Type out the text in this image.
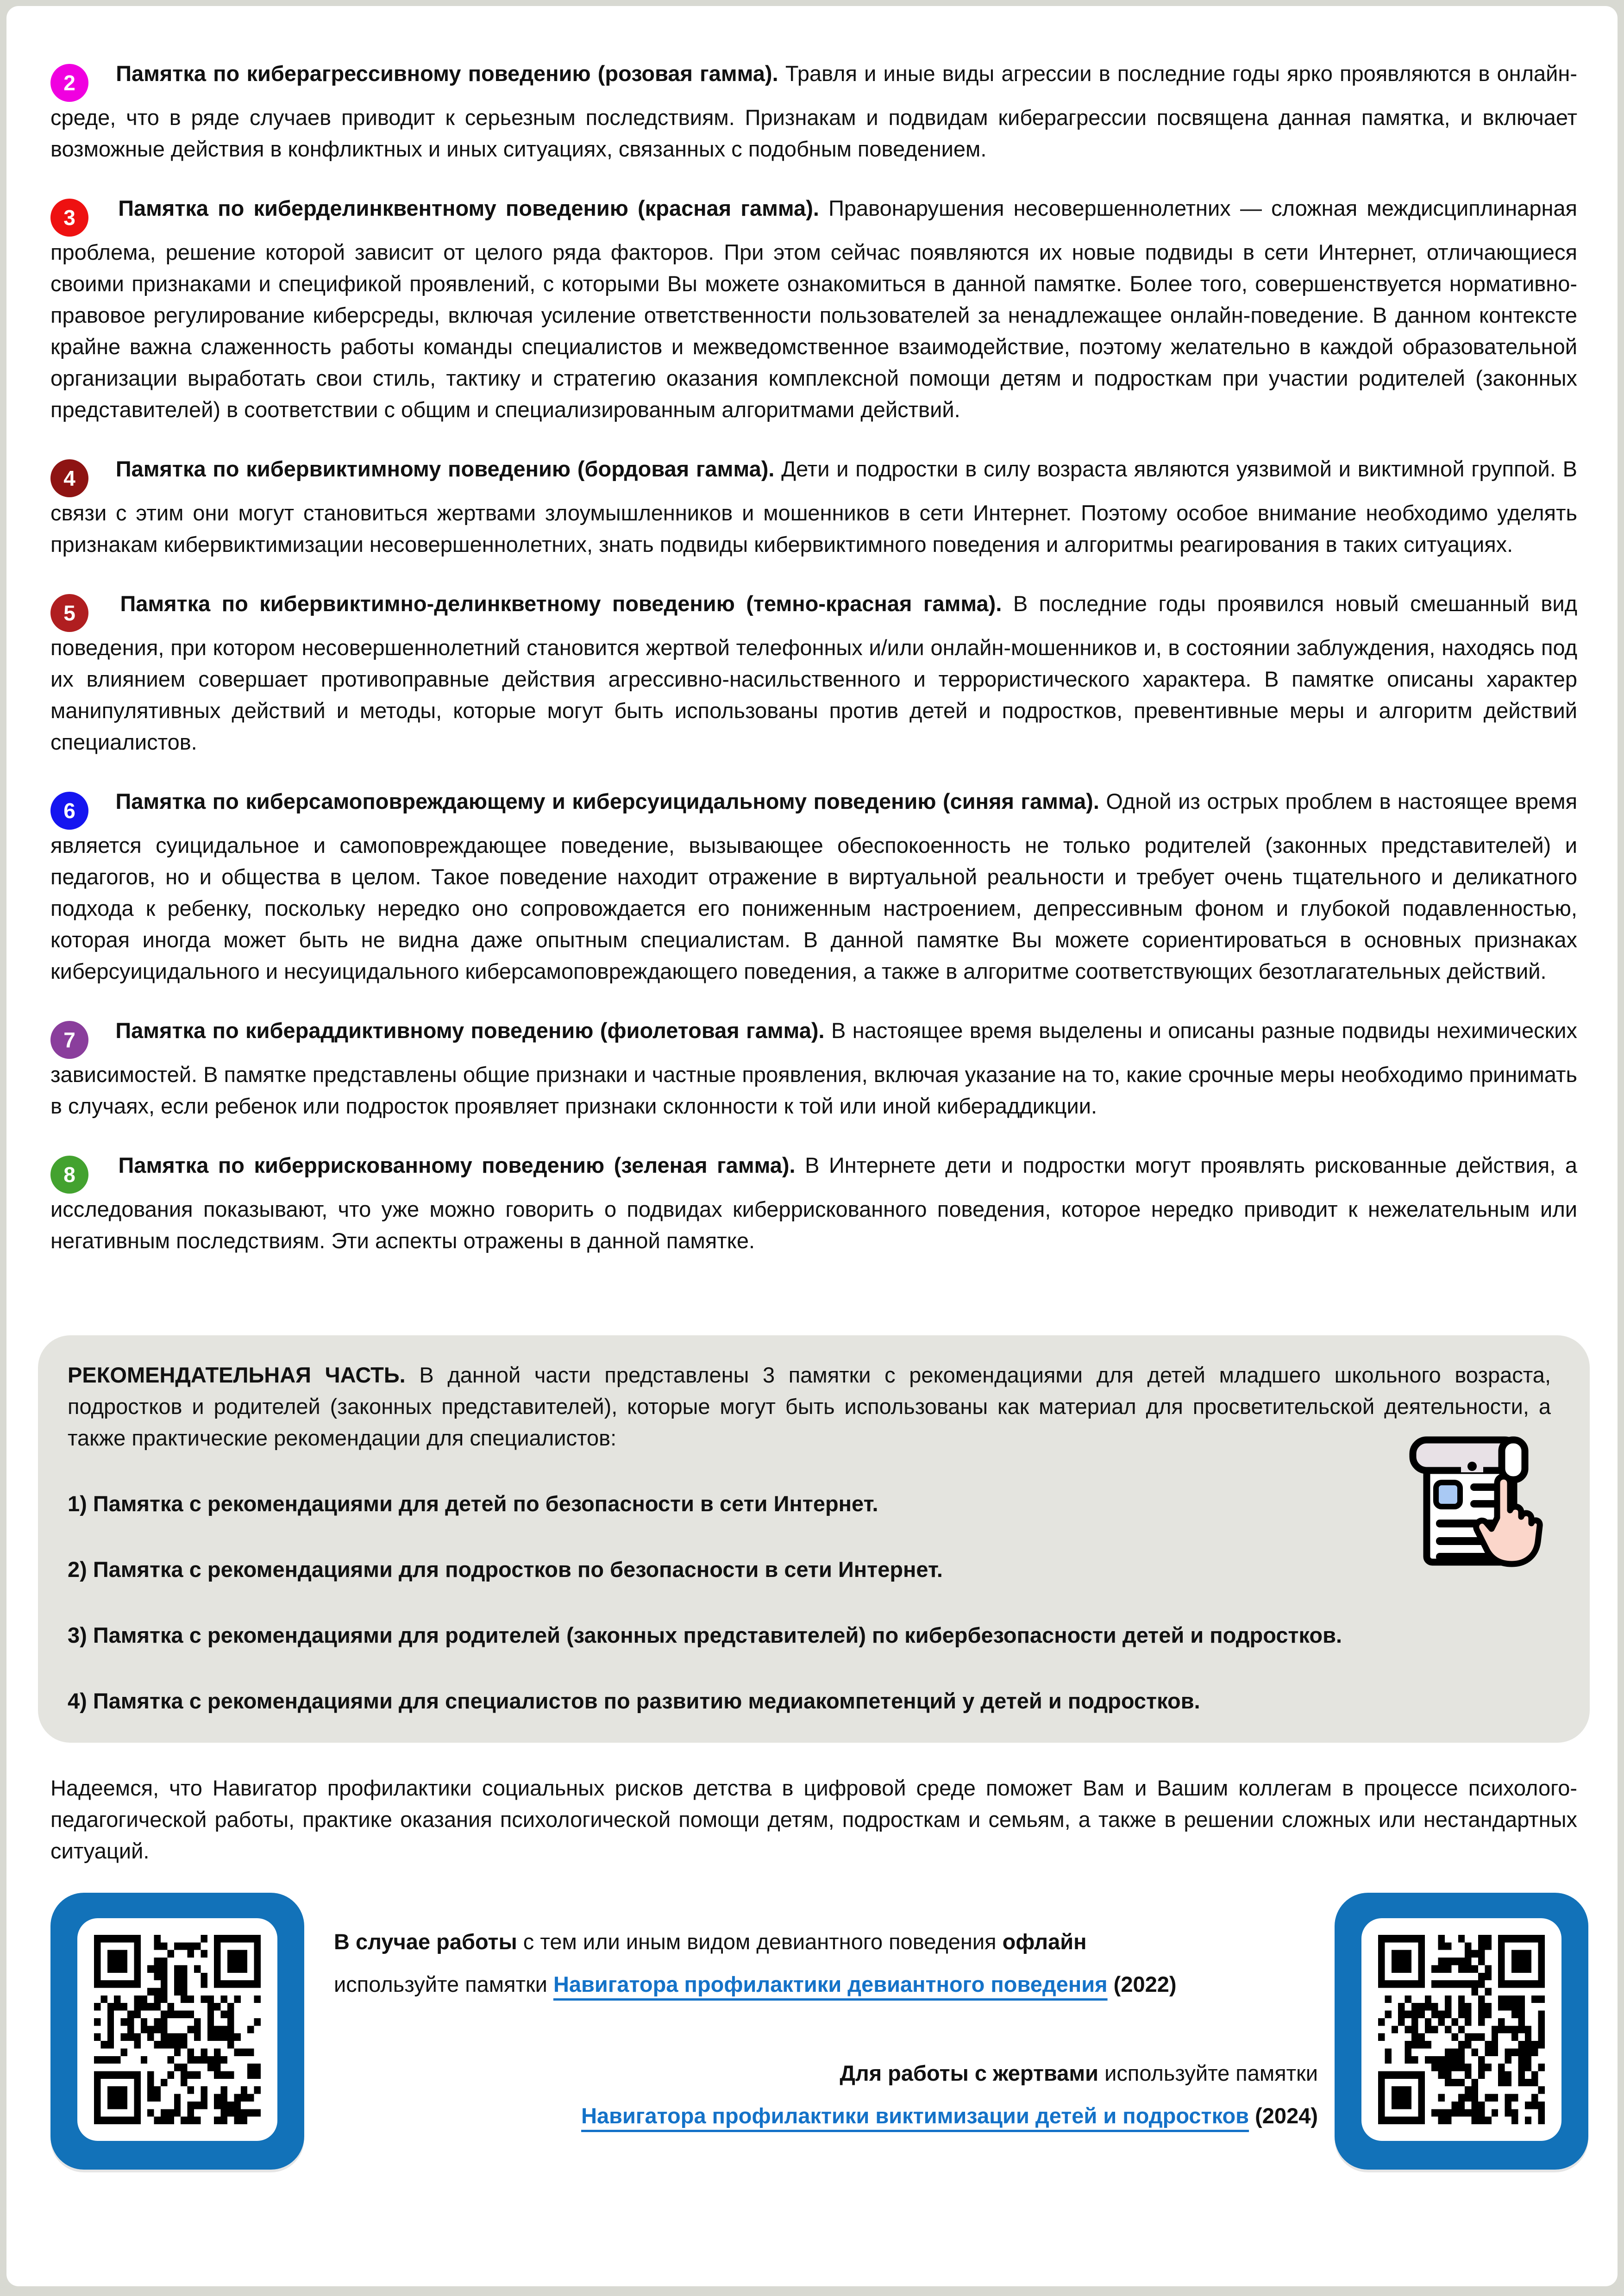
2 Памятка по киберагрессивному поведению (розовая гамма). Травля и иные виды агрессии в последние годы ярко проявляются в онлайн-среде, что в ряде случаев приводит к серьезным последствиям. Признакам и подвидам киберагрессии посвящена данная памятка, и включает возможные действия в конфликтных и иных ситуациях, связанных с подобным поведением.

3 Памятка по киберделинквентному поведению (красная гамма). Правонарушения несовершеннолетних — сложная междисциплинарная проблема, решение которой зависит от целого ряда факторов. При этом сейчас появляются их новые подвиды в сети Интернет, отличающиеся своими признаками и спецификой проявлений, с которыми Вы можете ознакомиться в данной памятке. Более того, совершенствуется нормативно-правовое регулирование киберсреды, включая усиление ответственности пользователей за ненадлежащее онлайн-поведение. В данном контексте крайне важна слаженность работы команды специалистов и межведомственное взаимодействие, поэтому желательно в каждой образовательной организации выработать свои стиль, тактику и стратегию оказания комплексной помощи детям и подросткам при участии родителей (законных представителей) в соответствии с общим и специализированным алгоритмами действий.

4 Памятка по кибервиктимному поведению (бордовая гамма). Дети и подростки в силу возраста являются уязвимой и виктимной группой. В связи с этим они могут становиться жертвами злоумышленников и мошенников в сети Интернет. Поэтому особое внимание необходимо уделять признакам кибервиктимизации несовершеннолетних, знать подвиды кибервиктимного поведения и алгоритмы реагирования в таких ситуациях.

5 Памятка по кибервиктимно-делинкветному поведению (темно-красная гамма). В последние годы проявился новый смешанный вид поведения, при котором несовершеннолетний становится жертвой телефонных и/или онлайн-мошенников и, в состоянии заблуждения, находясь под их влиянием совершает противоправные действия агрессивно-насильственного и террористического характера. В памятке описаны характер манипулятивных действий и методы, которые могут быть использованы против детей и подростков, превентивные меры и алгоритм действий специалистов.

6 Памятка по киберсамоповреждающему и киберсуицидальному поведению (синяя гамма). Одной из острых проблем в настоящее время является суицидальное и самоповреждающее поведение, вызывающее обеспокоенность не только родителей (законных представителей) и педагогов, но и общества в целом. Такое поведение находит отражение в виртуальной реальности и требует очень тщательного и деликатного подхода к ребенку, поскольку нередко оно сопровождается его пониженным настроением, депрессивным фоном и глубокой подавленностью, которая иногда может быть не видна даже опытным специалистам. В данной памятке Вы можете сориентироваться в основных признаках киберсуицидального и несуицидального киберсамоповреждающего поведения, а также в алгоритме соответствующих безотлагательных действий.

7 Памятка по кибераддиктивному поведению (фиолетовая гамма). В настоящее время выделены и описаны разные подвиды нехимических зависимостей. В памятке представлены общие признаки и частные проявления, включая указание на то, какие срочные меры необходимо принимать в случаях, если ребенок или подросток проявляет признаки склонности к той или иной кибераддикции.

8 Памятка по киберрискованному поведению (зеленая гамма). В Интернете дети и подростки могут проявлять рискованные действия, а исследования показывают, что уже можно говорить о подвидах киберрискованного поведения, которое нередко приводит к нежелательным или негативным последствиям. Эти аспекты отражены в данной памятке.

РЕКОМЕНДАТЕЛЬНАЯ ЧАСТЬ. В данной части представлены 3 памятки с рекомендациями для детей младшего школьного возраста, подростков и родителей (законных представителей), которые могут быть использованы как материал для просветительской деятельности, а также практические рекомендации для специалистов:

1) Памятка с рекомендациями для детей по безопасности в сети Интернет.

2) Памятка с рекомендациями для подростков по безопасности в сети Интернет.

3) Памятка с рекомендациями для родителей (законных представителей) по кибербезопасности детей и подростков.

4) Памятка с рекомендациями для специалистов по развитию медиакомпетенций у детей и подростков.

Надеемся, что Навигатор профилактики социальных рисков детства в цифровой среде поможет Вам и Вашим коллегам в процессе психолого-педагогической работы, практике оказания психологической помощи детям, подросткам и семьям, а также в решении сложных или нестандартных ситуаций.

В случае работы с тем или иным видом девиантного поведения офлайн
используйте памятки Навигатора профилактики девиантного поведения (2022)
Для работы с жертвами используйте памятки
Навигатора профилактики виктимизации детей и подростков (2024)
